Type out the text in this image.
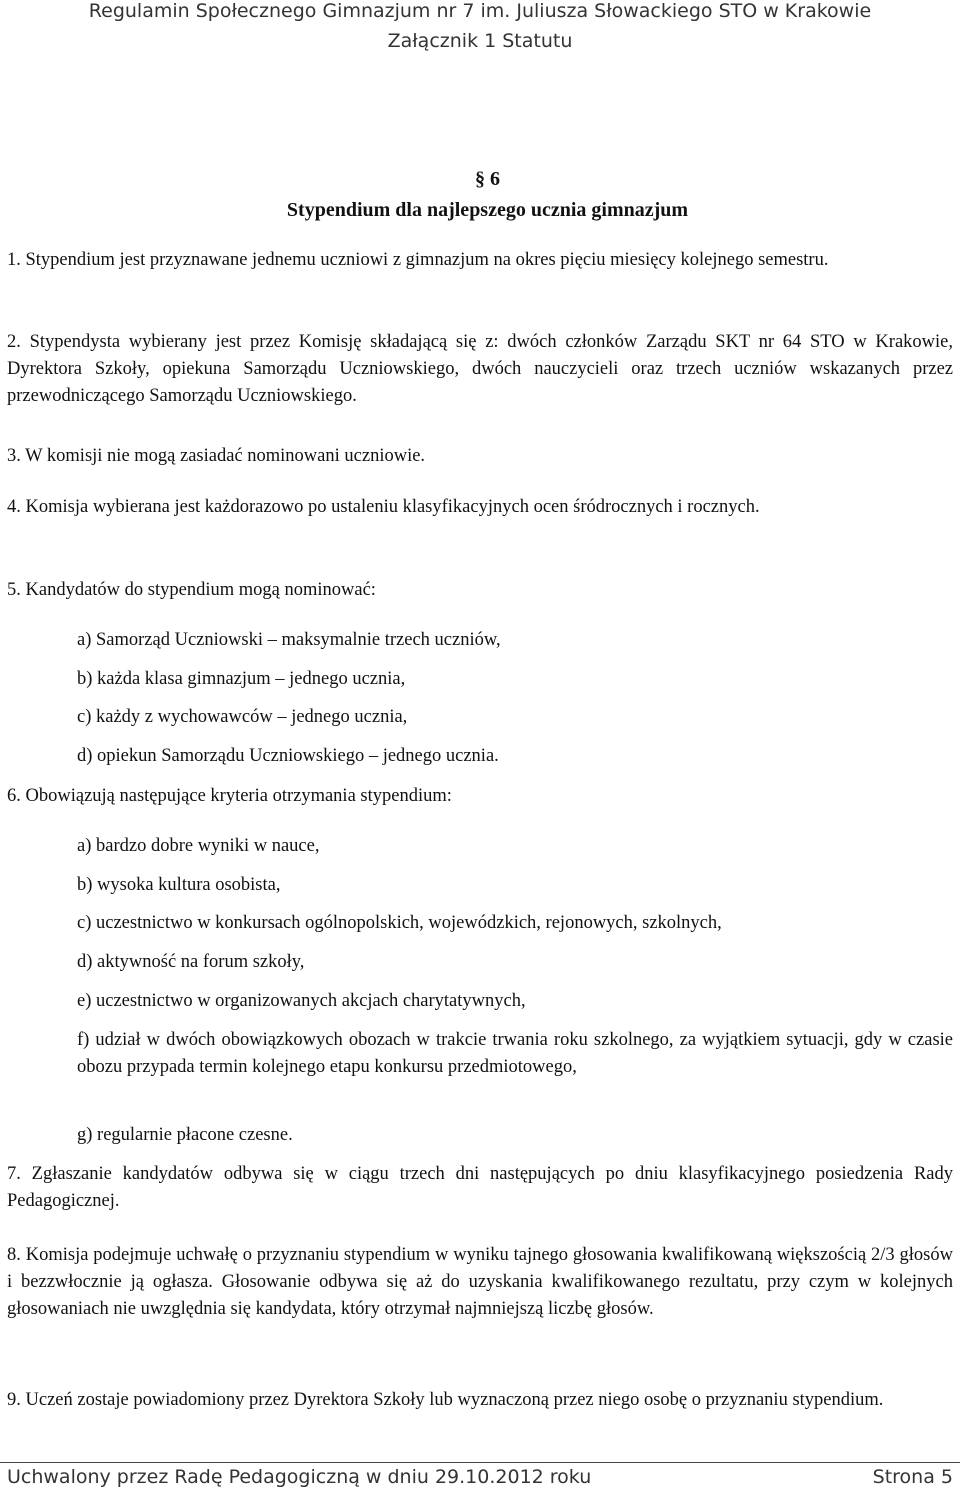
Regulamin Społecznego Gimnazjum nr 7 im. Juliusza Słowackiego STO w Krakowie
Załącznik 1 Statutu
§ 6
Stypendium dla najlepszego ucznia gimnazjum

1. Stypendium jest przyznawane jednemu uczniowi z gimnazjum na okres pięciu miesięcy kolejnego semestru.

2. Stypendysta wybierany jest przez Komisję składającą się z: dwóch członków Zarządu SKT nr 64 STO w Krakowie, Dyrektora Szkoły, opiekuna Samorządu Uczniowskiego, dwóch nauczycieli oraz trzech uczniów wskazanych przez przewodniczącego Samorządu Uczniowskiego.

3. W komisji nie mogą zasiadać nominowani uczniowie.

4. Komisja wybierana jest każdorazowo po ustaleniu klasyfikacyjnych ocen śródrocznych i rocznych.

5. Kandydatów do stypendium mogą nominować:

a) Samorząd Uczniowski – maksymalnie trzech uczniów,

b) każda klasa gimnazjum – jednego ucznia,

c) każdy z wychowawców – jednego ucznia,

d) opiekun Samorządu Uczniowskiego – jednego ucznia.

6. Obowiązują następujące kryteria otrzymania stypendium:

a) bardzo dobre wyniki w nauce,

b) wysoka kultura osobista,

c) uczestnictwo w konkursach ogólnopolskich, wojewódzkich, rejonowych, szkolnych,

d) aktywność na forum szkoły,

e) uczestnictwo w organizowanych akcjach charytatywnych,

f) udział w dwóch obowiązkowych obozach w trakcie trwania roku szkolnego, za wyjątkiem sytuacji, gdy w czasie obozu przypada termin kolejnego etapu konkursu przedmiotowego,

g) regularnie płacone czesne.

7. Zgłaszanie kandydatów odbywa się w ciągu trzech dni następujących po dniu klasyfikacyjnego posiedzenia Rady Pedagogicznej.

8. Komisja podejmuje uchwałę o przyznaniu stypendium w wyniku tajnego głosowania kwalifikowaną większością 2/3 głosów i bezzwłocznie ją ogłasza. Głosowanie odbywa się aż do uzyskania kwalifikowanego rezultatu, przy czym w kolejnych głosowaniach nie uwzględnia się kandydata, który otrzymał najmniejszą liczbę głosów.

9. Uczeń zostaje powiadomiony przez Dyrektora Szkoły lub wyznaczoną przez niego osobę o przyznaniu stypendium.

Uchwalony przez Radę Pedagogiczną w dniu 29.10.2012 roku	Strona 5
